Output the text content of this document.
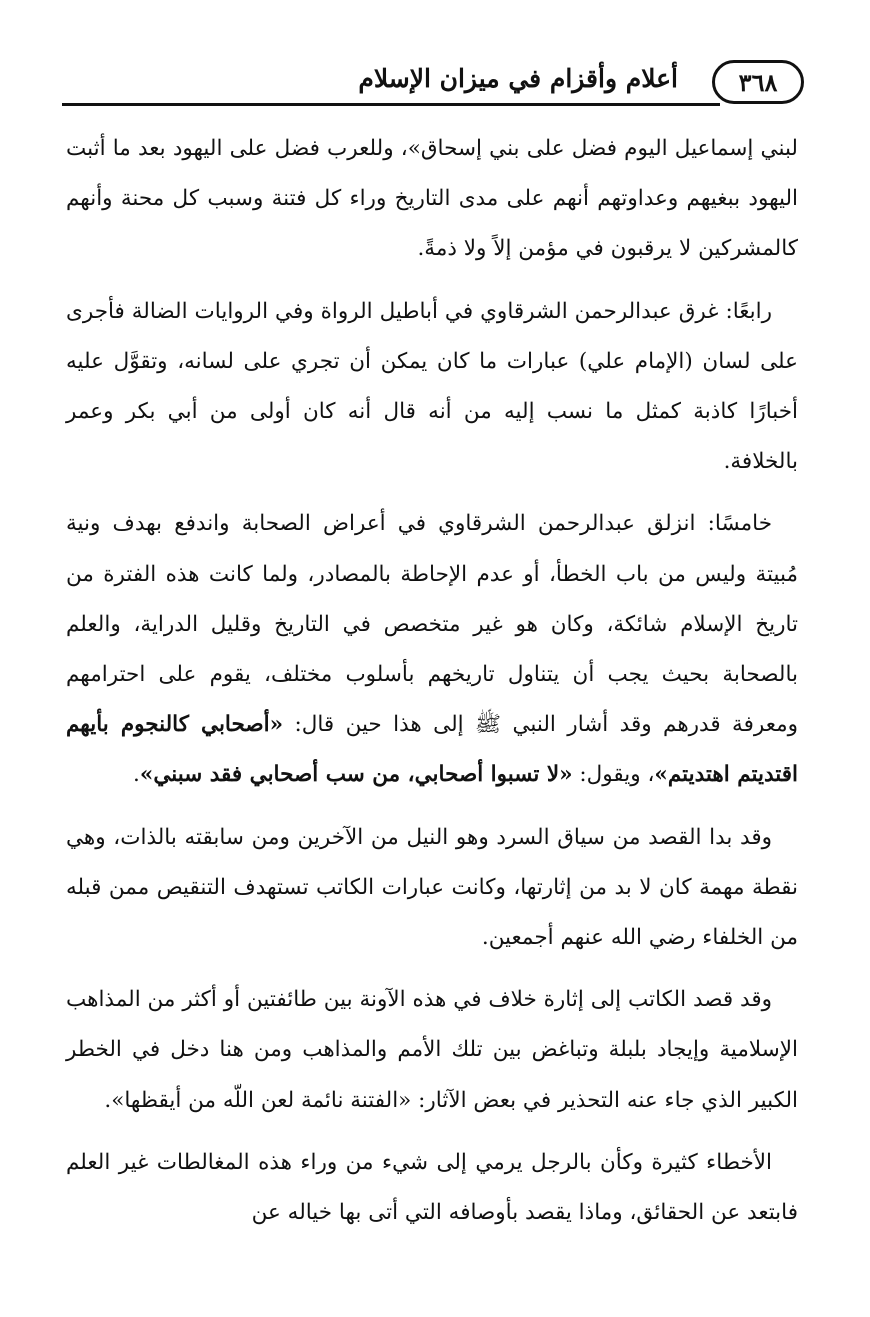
٣٦٨
أعلام وأقزام في ميزان الإسلام

لبني إسماعيل اليوم فضل على بني إسحاق»، وللعرب فضل على اليهود بعد ما أثبت اليهود ببغيهم وعداوتهم أنهم على مدى التاريخ وراء كل فتنة وسبب كل محنة وأنهم كالمشركين لا يرقبون في مؤمن إلاً ولا ذمةً.

رابعًا: غرق عبدالرحمن الشرقاوي في أباطيل الرواة وفي الروايات الضالة فأجرى على لسان (الإمام علي) عبارات ما كان يمكن أن تجري على لسانه، وتقوَّل عليه أخبارًا كاذبة كمثل ما نسب إليه من أنه قال أنه كان أولى من أبي بكر وعمر بالخلافة.

خامسًا: انزلق عبدالرحمن الشرقاوي في أعراض الصحابة واندفع بهدف ونية مُبيتة وليس من باب الخطأ، أو عدم الإحاطة بالمصادر، ولما كانت هذه الفترة من تاريخ الإسلام شائكة، وكان هو غير متخصص في التاريخ وقليل الدراية، والعلم بالصحابة بحيث يجب أن يتناول تاريخهم بأسلوب مختلف، يقوم على احترامهم ومعرفة قدرهم وقد أشار النبي ﷺ إلى هذا حين قال: «أصحابي كالنجوم بأيهم اقتديتم اهتديتم»، ويقول: «لا تسبوا أصحابي، من سب أصحابي فقد سبني».

وقد بدا القصد من سياق السرد وهو النيل من الآخرين ومن سابقته بالذات، وهي نقطة مهمة كان لا بد من إثارتها، وكانت عبارات الكاتب تستهدف التنقيص ممن قبله من الخلفاء رضي الله عنهم أجمعين.

وقد قصد الكاتب إلى إثارة خلاف في هذه الآونة بين طائفتين أو أكثر من المذاهب الإسلامية وإيجاد بلبلة وتباغض بين تلك الأمم والمذاهب ومن هنا دخل في الخطر الكبير الذي جاء عنه التحذير في بعض الآثار: «الفتنة نائمة لعن اللّه من أيقظها».

الأخطاء كثيرة وكأن بالرجل يرمي إلى شيء من وراء هذه المغالطات غير العلم فابتعد عن الحقائق، وماذا يقصد بأوصافه التي أتى بها خياله عن
